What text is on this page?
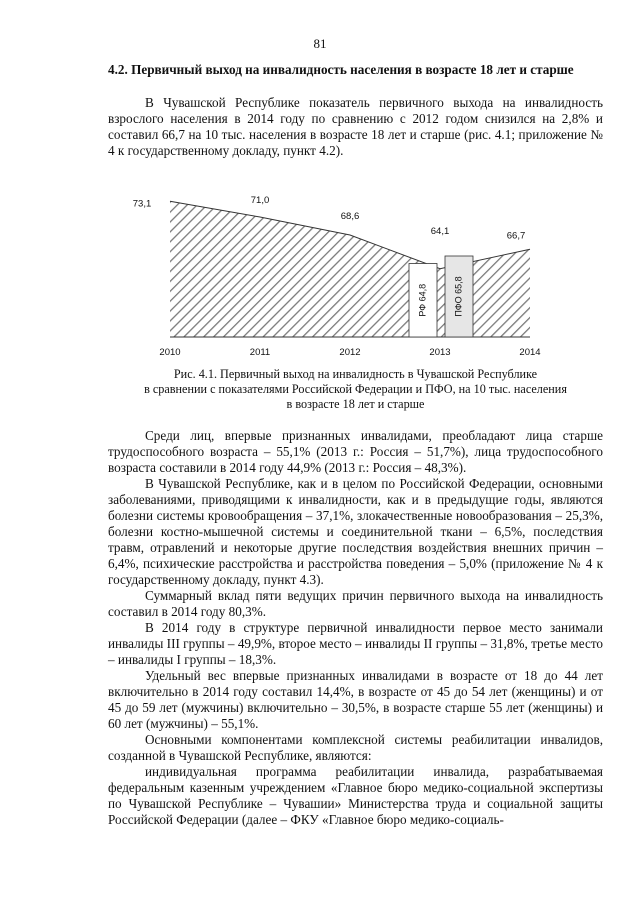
81
4.2. Первичный выход на инвалидность населения в возрасте 18 лет и старше

В Чувашской Республике показатель первичного выхода на инвалидность взрослого населения в 2014 году по сравнению с 2012 годом снизился на 2,8% и составил 66,7 на 10 тыс. населения в возрасте 18 лет и старше (рис. 4.1; приложение № 4 к государственному докладу, пункт 4.2).

РФ 64,8	ПФО 65,8
73,1	71,0
68,6
64,1	66,7
2010	2011	2012	2013	2014
Рис. 4.1. Первичный выход на инвалидность в Чувашской Республике
в сравнении с показателями Российской Федерации и ПФО, на 10 тыс. населения
в возрасте 18 лет и старше

Среди лиц, впервые признанных инвалидами, преобладают лица старше трудоспособного возраста – 55,1% (2013 г.: Россия – 51,7%), лица трудоспособного возраста составили в 2014 году 44,9% (2013 г.: Россия – 48,3%).

В Чувашской Республике, как и в целом по Российской Федерации, основными заболеваниями, приводящими к инвалидности, как и в предыдущие годы, являются болезни системы кровообращения – 37,1%, злокачественные новообразования – 25,3%, болезни костно-мышечной системы и соединительной ткани – 6,5%, последствия травм, отравлений и некоторые другие последствия воздействия внешних причин – 6,4%, психические расстройства и расстройства поведения – 5,0% (приложение № 4 к государственному докладу, пункт 4.3).

Суммарный вклад пяти ведущих причин первичного выхода на инвалидность составил в 2014 году 80,3%.

В 2014 году в структуре первичной инвалидности первое место занимали инвалиды III группы – 49,9%, второе место – инвалиды II группы – 31,8%, третье место – инвалиды I группы – 18,3%.

Удельный вес впервые признанных инвалидами в возрасте от 18 до 44 лет включительно в 2014 году составил 14,4%, в возрасте от 45 до 54 лет (женщины) и от 45 до 59 лет (мужчины) включительно – 30,5%, в возрасте старше 55 лет (женщины) и 60 лет (мужчины) – 55,1%.

Основными компонентами комплексной системы реабилитации инвалидов, созданной в Чувашской Республике, являются:

индивидуальная программа реабилитации инвалида, разрабатываемая федеральным казенным учреждением «Главное бюро медико-социальной экспертизы по Чувашской Республике – Чувашии» Министерства труда и социальной защиты Российской Федерации (далее – ФКУ «Главное бюро медико-социаль-
